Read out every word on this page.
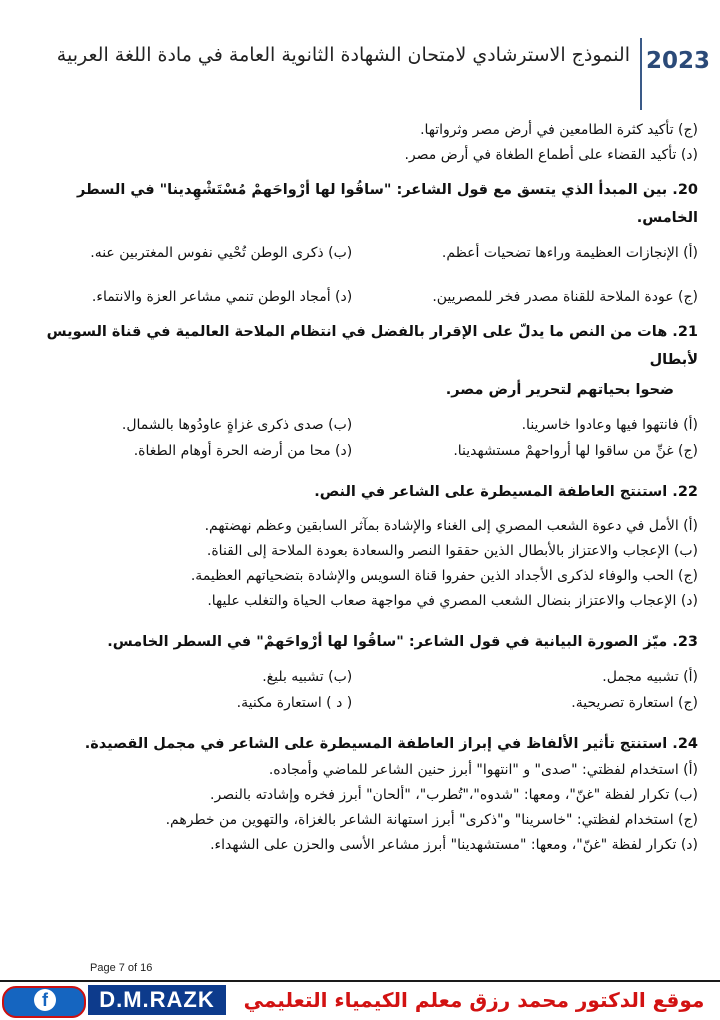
2023
النموذج الاسترشادي لامتحان الشهادة الثانوية العامة في مادة اللغة العربية
(ج) تأكيد كثرة الطامعين في أرض مصر وثرواتها.
(د) تأكيد القضاء على أطماع الطغاة في أرض مصر.
20. بين المبدأ الذي يتسق مع قول الشاعر: "ساقُوا لها أرْواحَهمْ مُسْتَشْهِدينا" في السطر الخامس.
(أ) الإنجازات العظيمة وراءها تضحيات أعظم.
(ب) ذكرى الوطن تُحْيي نفوس المغتربين عنه.
(ج) عودة الملاحة للقناة مصدر فخر للمصريين.
(د) أمجاد الوطن تنمي مشاعر العزة والانتماء.
21. هات من النص ما يدلّ على الإقرار بالفضل في انتظام الملاحة العالمية في قناة السويس لأبطال
ضحوا بحياتهم لتحرير أرض مصر.
(أ) فانتهوا فيها وعادوا خاسرينا.
(ب) صدى ذكرى غزاةٍ عاودُوها بالشمال.
(ج) غنِّ من ساقوا لها أرواحهمْ مستشهدينا.
(د) محا من أرضه الحرة أوهام الطغاة.
22. استنتج العاطفة المسيطرة على الشاعر في النص.
(أ) الأمل في دعوة الشعب المصري إلى الغناء والإشادة بمآثر السابقين وعظم نهضتهم.
(ب) الإعجاب والاعتزاز بالأبطال الذين حققوا النصر والسعادة بعودة الملاحة إلى القناة.
(ج) الحب والوفاء لذكرى الأجداد الذين حفروا قناة السويس والإشادة بتضحياتهم العظيمة.
(د) الإعجاب والاعتزاز بنضال الشعب المصري في مواجهة صعاب الحياة والتغلب عليها.
23. ميّز الصورة البيانية في قول الشاعر: "ساقُوا لها أرْواحَهمْ" في السطر الخامس.
(أ) تشبيه مجمل.
(ب) تشبيه بليغ.
(ج) استعارة تصريحية.
( د ) استعارة مكنية.
24. استنتج تأثير الألفاظ في إبراز العاطفة المسيطرة على الشاعر في مجمل القصيدة.
(أ) استخدام لفظتي: "صدى" و "انتهوا" أبرز حنين الشاعر للماضي وأمجاده.
(ب) تكرار لفظة "غنّ"، ومعها: "شدوه"،"تُطرب"، "ألحان" أبرز فخره وإشادته بالنصر.
(ج) استخدام لفظتي: "خاسرينا" و"ذكرى" أبرز استهانة الشاعر بالغزاة، والتهوين من خطرهم.
(د) تكرار لفظة "غنّ"، ومعها: "مستشهدينا" أبرز مشاعر الأسى والحزن على الشهداء.
Page 7 of 16
f	D.M.RAZK	موقع الدكتور محمد رزق معلم الكيمياء التعليمي
